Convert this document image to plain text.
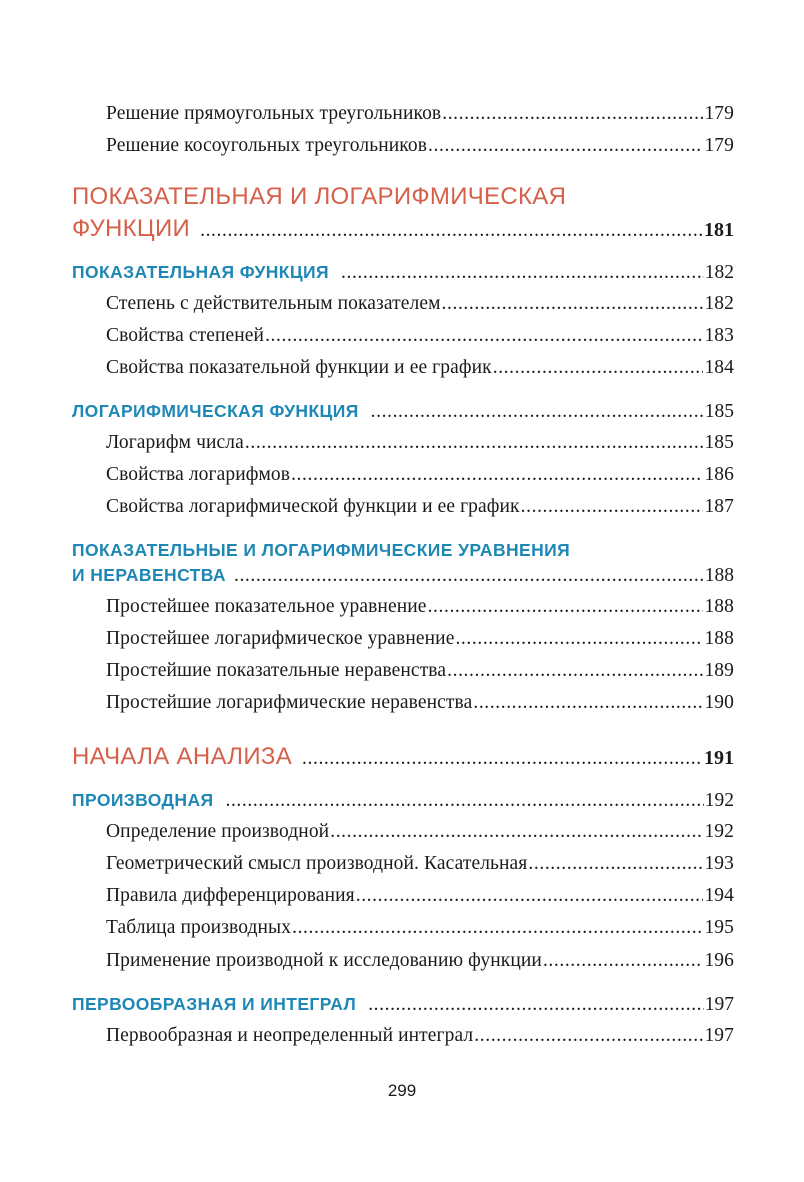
Решение прямоугольных треугольников .....	179
Решение косоугольных треугольников .....	179
ПОКАЗАТЕЛЬНАЯ И ЛОГАРИФМИЧЕСКАЯ
ФУНКЦИИ .....	181
ПОКАЗАТЕЛЬНАЯ ФУНКЦИЯ .....	182
Степень с действительным показателем .....	182
Свойства степеней .....	183
Свойства показательной функции и ее график .....	184
ЛОГАРИФМИЧЕСКАЯ ФУНКЦИЯ .....	185
Логарифм числа .....	185
Свойства логарифмов .....	186
Свойства логарифмической функции и ее график .....	187
ПОКАЗАТЕЛЬНЫЕ И ЛОГАРИФМИЧЕСКИЕ УРАВНЕНИЯ
И НЕРАВЕНСТВА .....	188
Простейшее показательное уравнение .....	188
Простейшее логарифмическое уравнение .....	188
Простейшие показательные неравенства .....	189
Простейшие логарифмические неравенства .....	190
НАЧАЛА АНАЛИЗА .....	191
ПРОИЗВОДНАЯ .....	192
Определение производной .....	192
Геометрический смысл производной. Касательная .....	193
Правила дифференцирования .....	194
Таблица производных .....	195
Применение производной к исследованию функции .....	196
ПЕРВООБРАЗНАЯ И ИНТЕГРАЛ .....	197
Первообразная и неопределенный интеграл .....	197
299
